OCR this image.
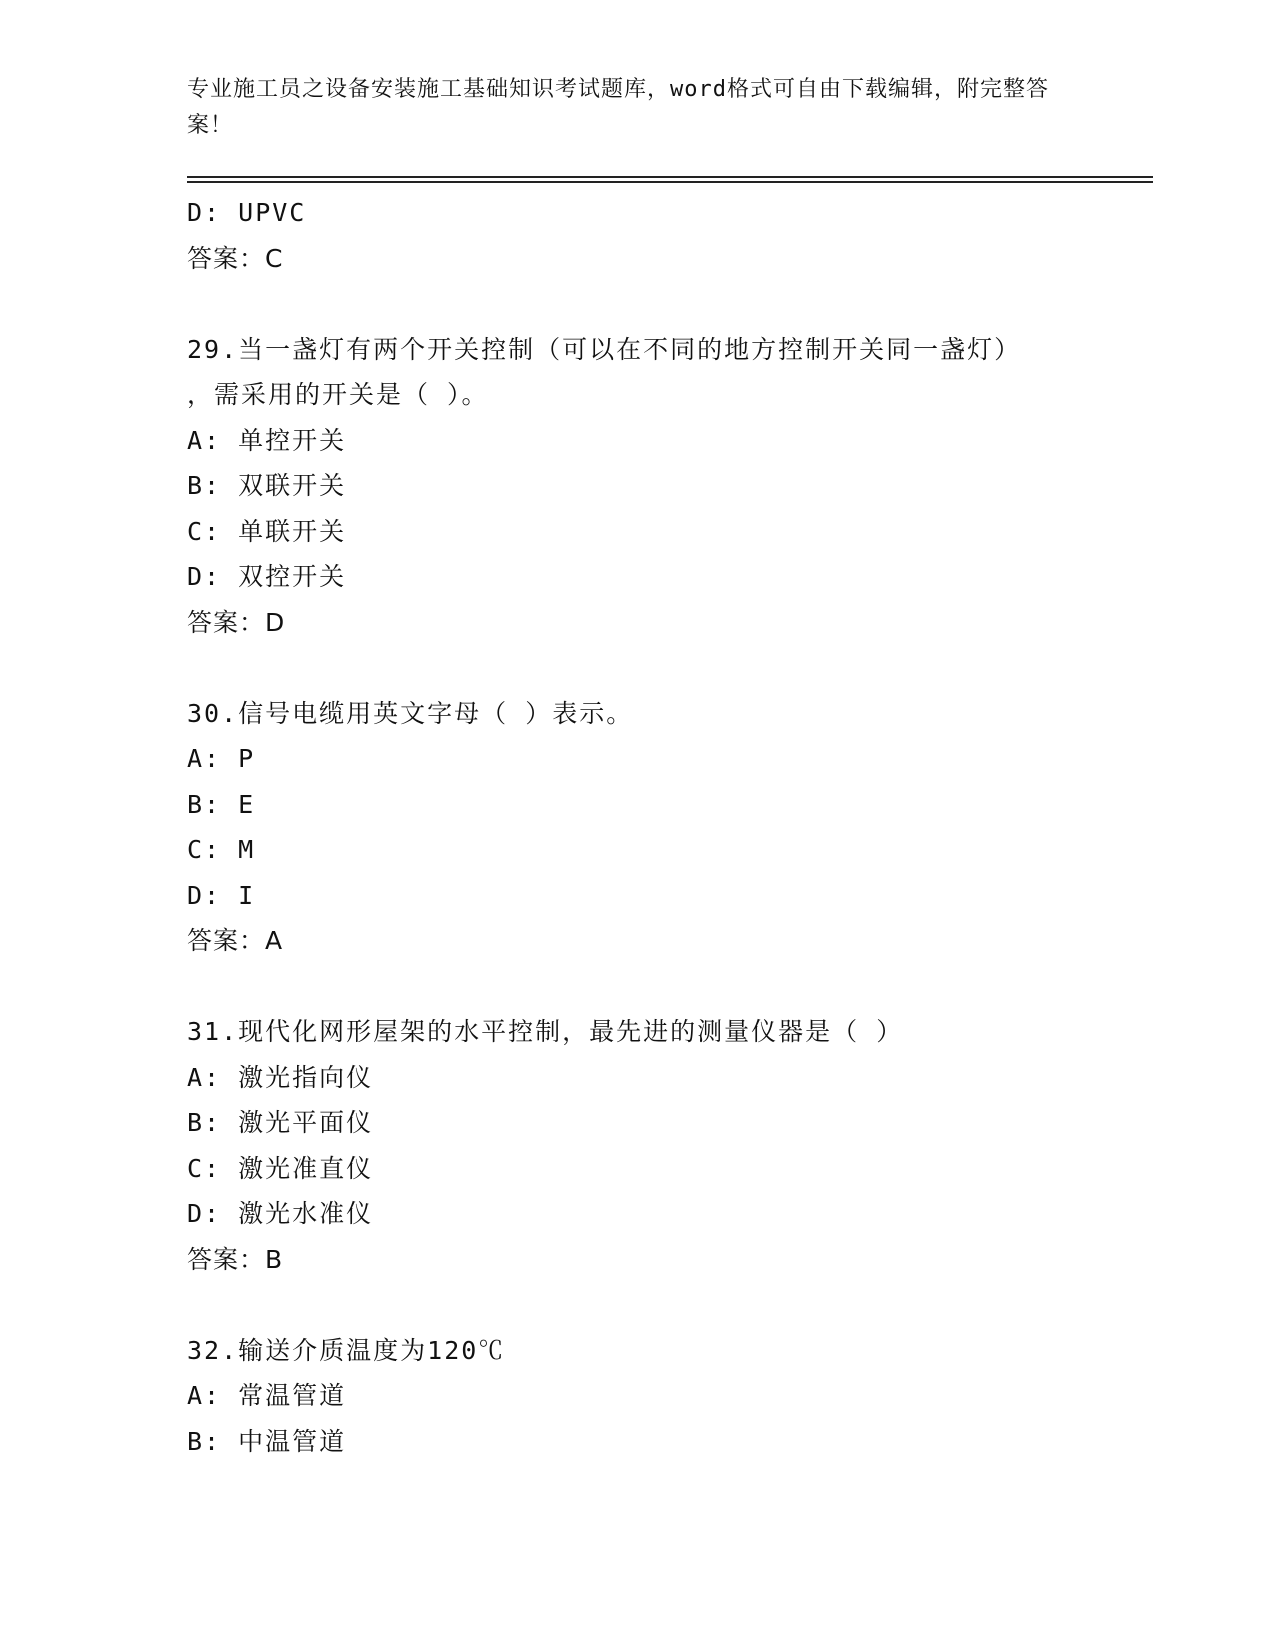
专业施工员之设备安装施工基础知识考试题库，word格式可自由下载编辑，附完整答案！
D: UPVC
答案：C
29.当一盏灯有两个开关控制（可以在不同的地方控制开关同一盏灯）
，需采用的开关是（ ）。
A: 单控开关
B: 双联开关
C: 单联开关
D: 双控开关
答案：D
30.信号电缆用英文字母（ ）表示。
A: P
B: E
C: M
D: I
答案：A
31.现代化网形屋架的水平控制，最先进的测量仪器是（ ）
A: 激光指向仪
B: 激光平面仪
C: 激光准直仪
D: 激光水准仪
答案：B
32.输送介质温度为120℃
A: 常温管道
B: 中温管道
